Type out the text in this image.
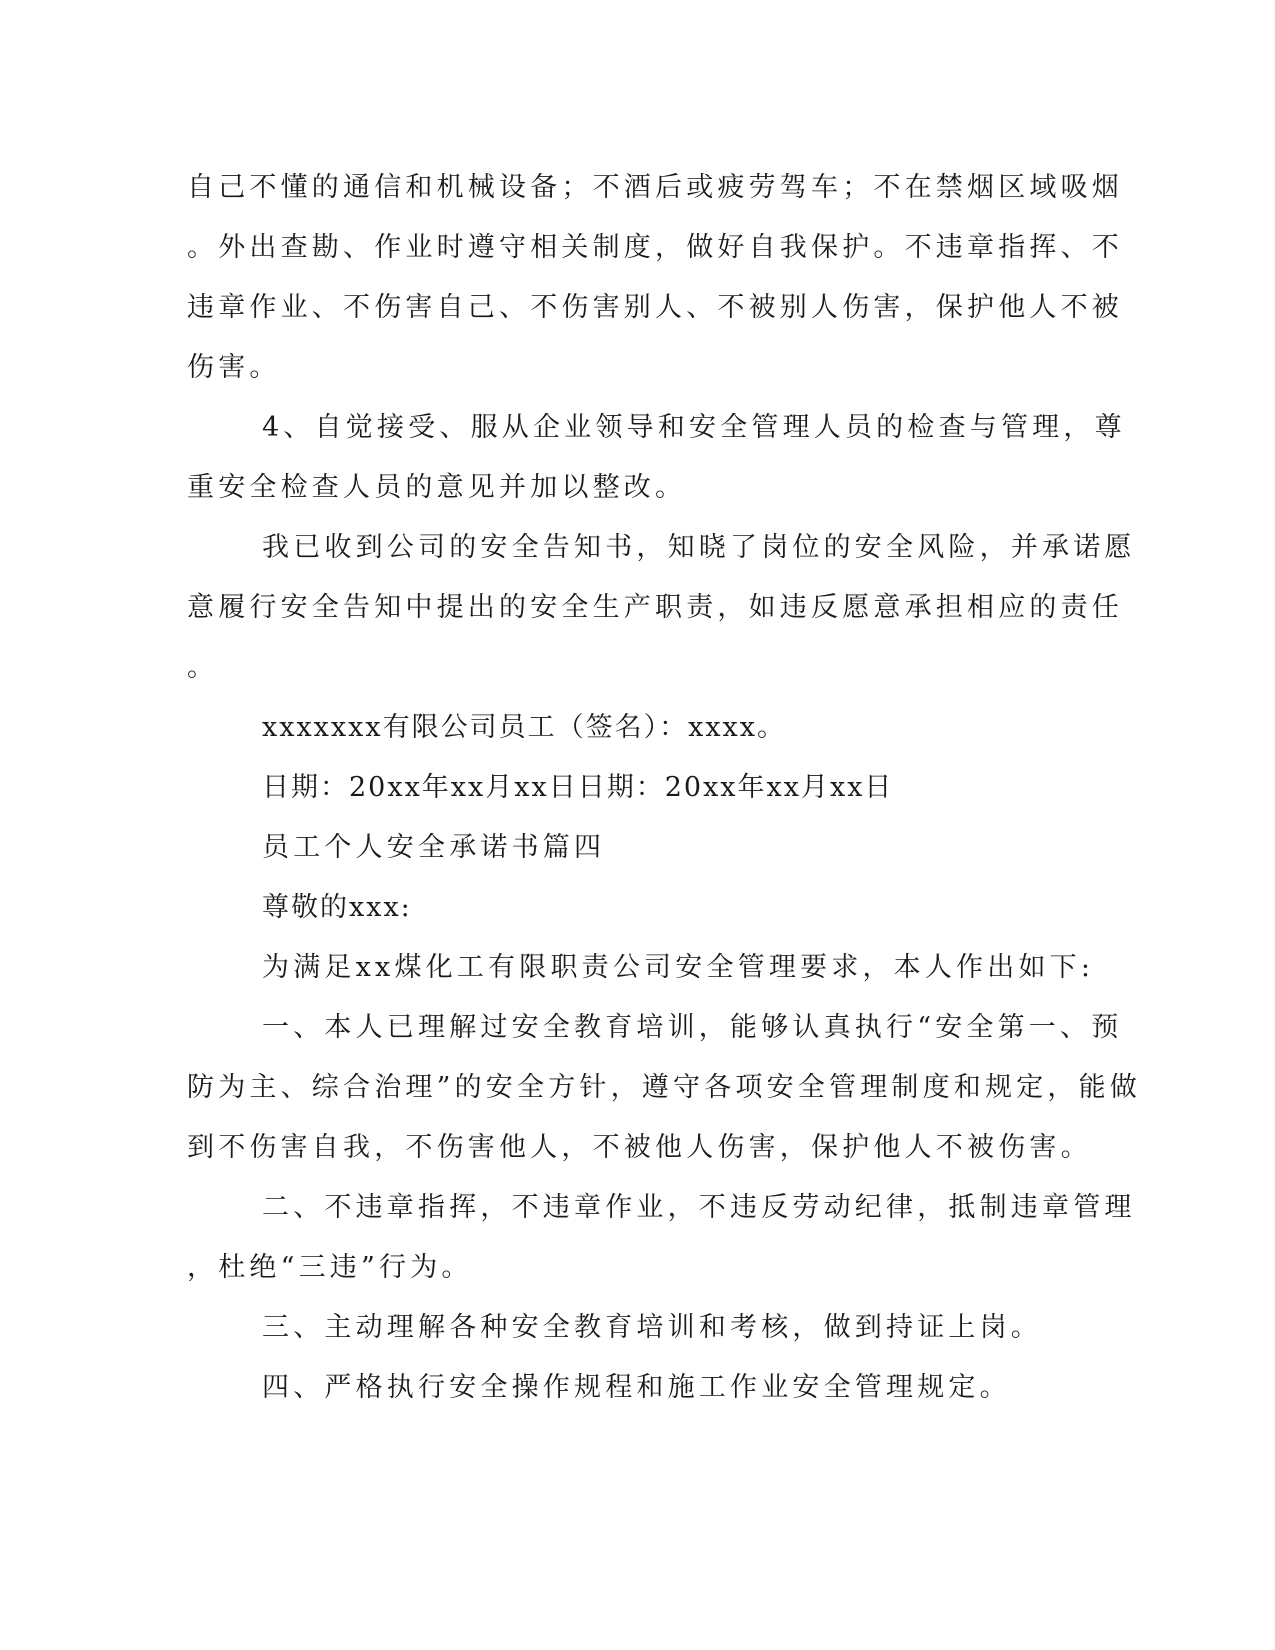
自己不懂的通信和机械设备；不酒后或疲劳驾车；不在禁烟区域吸烟
。外出查勘、作业时遵守相关制度，做好自我保护。不违章指挥、不
违章作业、不伤害自己、不伤害别人、不被别人伤害，保护他人不被
伤害。
4、自觉接受、服从企业领导和安全管理人员的检查与管理，尊
重安全检查人员的意见并加以整改。
我已收到公司的安全告知书，知晓了岗位的安全风险，并承诺愿
意履行安全告知中提出的安全生产职责，如违反愿意承担相应的责任
。
xxxxxxx有限公司员工（签名）：xxxx。
日期：20xx年xx月xx日日期：20xx年xx月xx日
员工个人安全承诺书篇四
尊敬的xxx:
为满足xx煤化工有限职责公司安全管理要求，本人作出如下:
一、本人已理解过安全教育培训，能够认真执行“安全第一、预
防为主、综合治理”的安全方针，遵守各项安全管理制度和规定，能做
到不伤害自我，不伤害他人，不被他人伤害，保护他人不被伤害。
二、不违章指挥，不违章作业，不违反劳动纪律，抵制违章管理
，杜绝“三违”行为。
三、主动理解各种安全教育培训和考核，做到持证上岗。
四、严格执行安全操作规程和施工作业安全管理规定。
